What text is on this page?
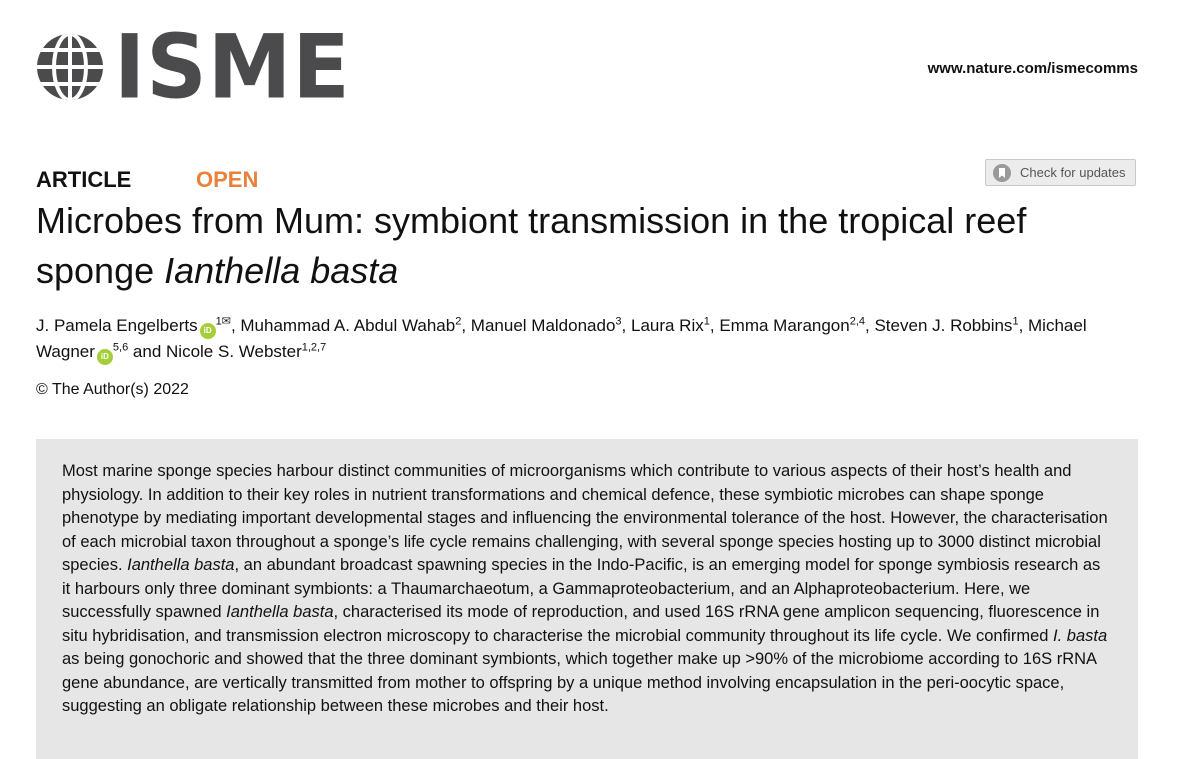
ISME	www.nature.com/ismecomms
ARTICLE	OPEN	Check for updates
Microbes from Mum: symbiont transmission in the tropical reef sponge Ianthella basta
J. Pamela Engelberts $iD^{1✉}$, Muhammad A. Abdul Wahab$^2$, Manuel Maldonado$^3$, Laura Rix$^1$, Emma Marangon$^{2,4}$, Steven J. Robbins$^1$, Michael Wagner iD$^{5,6}$ and Nicole S. Webster$^{1,2,7}$
© The Author(s) 2022

Most marine sponge species harbour distinct communities of microorganisms which contribute to various aspects of their host’s health and physiology. In addition to their key roles in nutrient transformations and chemical defence, these symbiotic microbes can shape sponge phenotype by mediating important developmental stages and influencing the environmental tolerance of the host. However, the characterisation of each microbial taxon throughout a sponge’s life cycle remains challenging, with several sponge species hosting up to 3000 distinct microbial species. Ianthella basta, an abundant broadcast spawning species in the Indo-Pacific, is an emerging model for sponge symbiosis research as it harbours only three dominant symbionts: a Thaumarchaeotum, a Gammaproteobacterium, and an Alphaproteobacterium. Here, we successfully spawned Ianthella basta, characterised its mode of reproduction, and used 16S rRNA gene amplicon sequencing, fluorescence in situ hybridisation, and transmission electron microscopy to characterise the microbial community throughout its life cycle. We confirmed I. basta as being gonochoric and showed that the three dominant symbionts, which together make up >90% of the microbiome according to 16S rRNA gene abundance, are vertically transmitted from mother to offspring by a unique method involving encapsulation in the peri-oocytic space, suggesting an obligate relationship between these microbes and their host.
